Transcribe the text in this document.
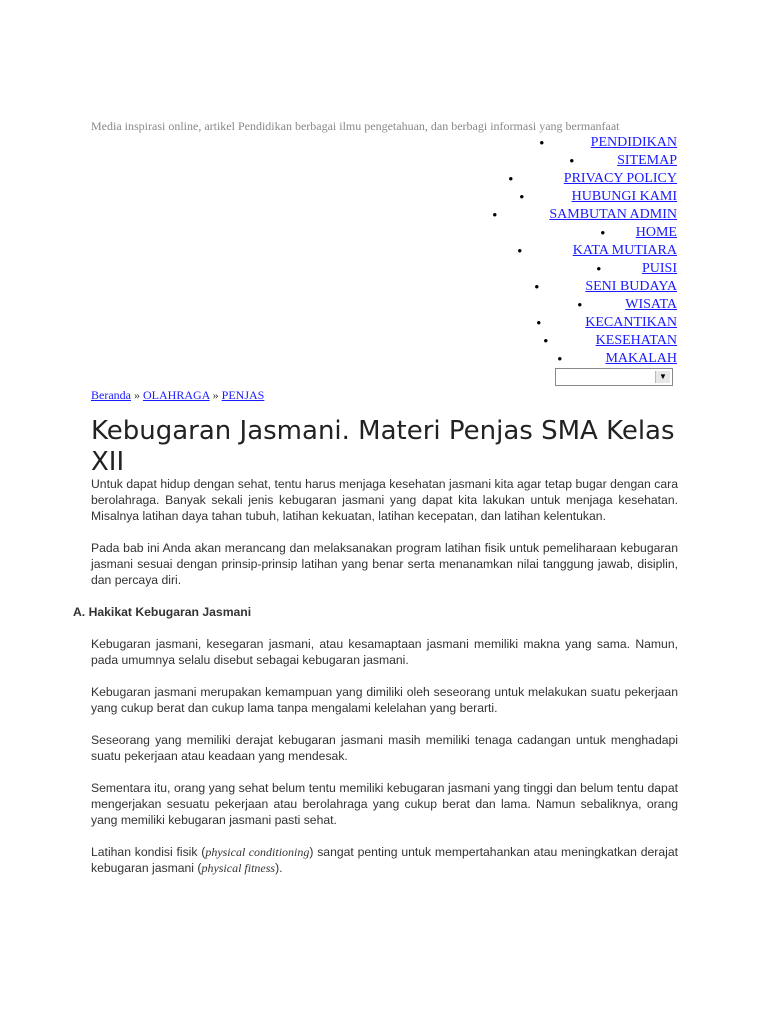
Media inspirasi online, artikel Pendidikan berbagai ilmu pengetahuan, dan berbagi informasi yang bermanfaat
•	PENDIDIKAN
•	SITEMAP
•	PRIVACY POLICY
•	HUBUNGI KAMI
•	SAMBUTAN ADMIN
• HOME
•	KATA MUTIARA
•	PUISI
•	SENI BUDAYA
•	WISATA
•	KECANTIKAN
•	KESEHATAN
•	MAKALAH
▼
Beranda » OLAHRAGA » PENJAS
Kebugaran Jasmani. Materi Penjas SMA Kelas XII

Untuk dapat hidup dengan sehat, tentu harus menjaga kesehatan jasmani kita agar tetap bugar dengan cara berolahraga. Banyak sekali jenis kebugaran jasmani yang dapat kita lakukan untuk menjaga kesehatan. Misalnya latihan daya tahan tubuh, latihan kekuatan, latihan kecepatan, dan latihan kelentukan.

Pada bab ini Anda akan merancang dan melaksanakan program latihan fisik untuk pemeliharaan kebugaran jasmani sesuai dengan prinsip-prinsip latihan yang benar serta menanamkan nilai tanggung jawab, disiplin, dan percaya diri.

A. Hakikat Kebugaran Jasmani

Kebugaran jasmani, kesegaran jasmani, atau kesamaptaan jasmani memiliki makna yang sama. Namun, pada umumnya selalu disebut sebagai kebugaran jasmani.

Kebugaran jasmani merupakan kemampuan yang dimiliki oleh seseorang untuk melakukan suatu pekerjaan yang cukup berat dan cukup lama tanpa mengalami kelelahan yang berarti.

Seseorang yang memiliki derajat kebugaran jasmani masih memiliki tenaga cadangan untuk menghadapi suatu pekerjaan atau keadaan yang mendesak.

Sementara itu, orang yang sehat belum tentu memiliki kebugaran jasmani yang tinggi dan belum tentu dapat mengerjakan sesuatu pekerjaan atau berolahraga yang cukup berat dan lama. Namun sebaliknya, orang yang memiliki kebugaran jasmani pasti sehat.

Latihan kondisi fisik (physical conditioning) sangat penting untuk mempertahankan atau meningkatkan derajat kebugaran jasmani (physical fitness).
